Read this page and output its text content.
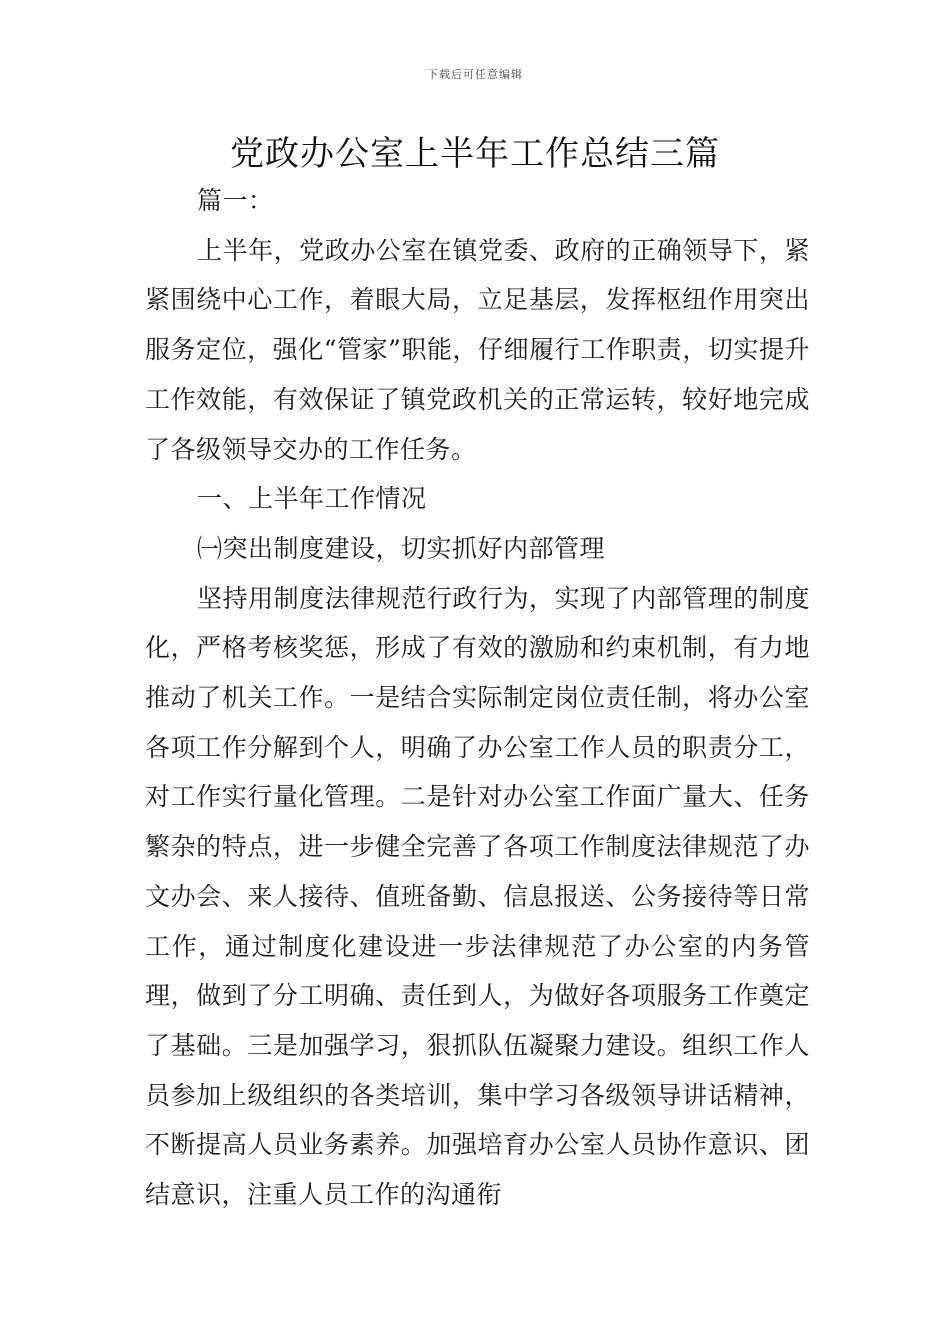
下载后可任意编辑
党政办公室上半年工作总结三篇

篇一：

上半年，党政办公室在镇党委、政府的正确领导下，紧紧围绕中心工作，着眼大局，立足基层，发挥枢纽作用突出服务定位，强化“管家”职能，仔细履行工作职责，切实提升工作效能，有效保证了镇党政机关的正常运转，较好地完成了各级领导交办的工作任务。

一、上半年工作情况

㈠突出制度建设，切实抓好内部管理

坚持用制度法律规范行政行为，实现了内部管理的制度化，严格考核奖惩，形成了有效的激励和约束机制，有力地推动了机关工作。一是结合实际制定岗位责任制，将办公室各项工作分解到个人，明确了办公室工作人员的职责分工，对工作实行量化管理。二是针对办公室工作面广量大、任务繁杂的特点，进一步健全完善了各项工作制度法律规范了办文办会、来人接待、值班备勤、信息报送、公务接待等日常工作，通过制度化建设进一步法律规范了办公室的内务管理，做到了分工明确、责任到人，为做好各项服务工作奠定了基础。三是加强学习，狠抓队伍凝聚力建设。组织工作人员参加上级组织的各类培训，集中学习各级领导讲话精神，不断提高人员业务素养。加强培育办公室人员协作意识、团结意识，注重人员工作的沟通衔
